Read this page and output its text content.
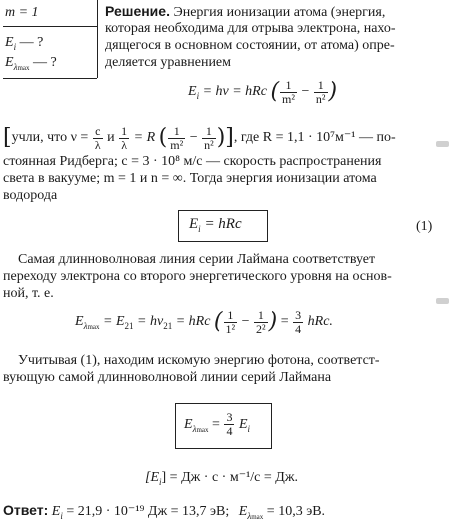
m = 1
$E_i$ — ?
$E_{\lambda max}$ — ?
Решение. Энергия ионизации атома (энергия,
которая необходима для отрыва электрона, нахо-
дящегося в основном состоянии, от атома) опре-
деляется уравнением
$E_i = h\nu$ = hRc ( $\frac{1}{\text{m²}} - \frac{1}{\text{n²}}$ )
[учли, что $\nu = \frac{c}{\lambda}$ и $\frac{1}{\lambda} = R$ ( $\frac{1}{\text{m²}} - \frac{1}{\text{n²}}$ )], где R = 1,1 · 10⁷м⁻¹ — по-
стоянная Ридберга; c = 3 · 10⁸ м/с — скорость распространения
света в вакууме; m = 1 и n = ∞. Тогда энергия ионизации атома
водорода
$E_i$ = hRc	(1)
Самая длинноволновая линия серии Лаймана соответствует
переходу электрона со второго энергетического уровня на основ-
ной, т. е.
$E_{\lambda max} = E_{21} = h\nu_{21}$ = hRc ( $\frac{1}{\text{1²}} - \frac{1}{\text{2²}}$ ) = $\frac{3}{4}$ hRc.
Учитывая (1), находим искомую энергию фотона, соответст-
вующую самой длинноволновой линии серий Лаймана
$E_{\lambda max} = \frac{3}{4} E_i$
$[E_i]$ = Дж · с · м⁻¹/с = Дж.
Ответ: $E_i = 21,9 \cdot 10^{-19}$ Дж = 13,7 эВ; $E_{\lambda max} = 10,3$ эВ.
